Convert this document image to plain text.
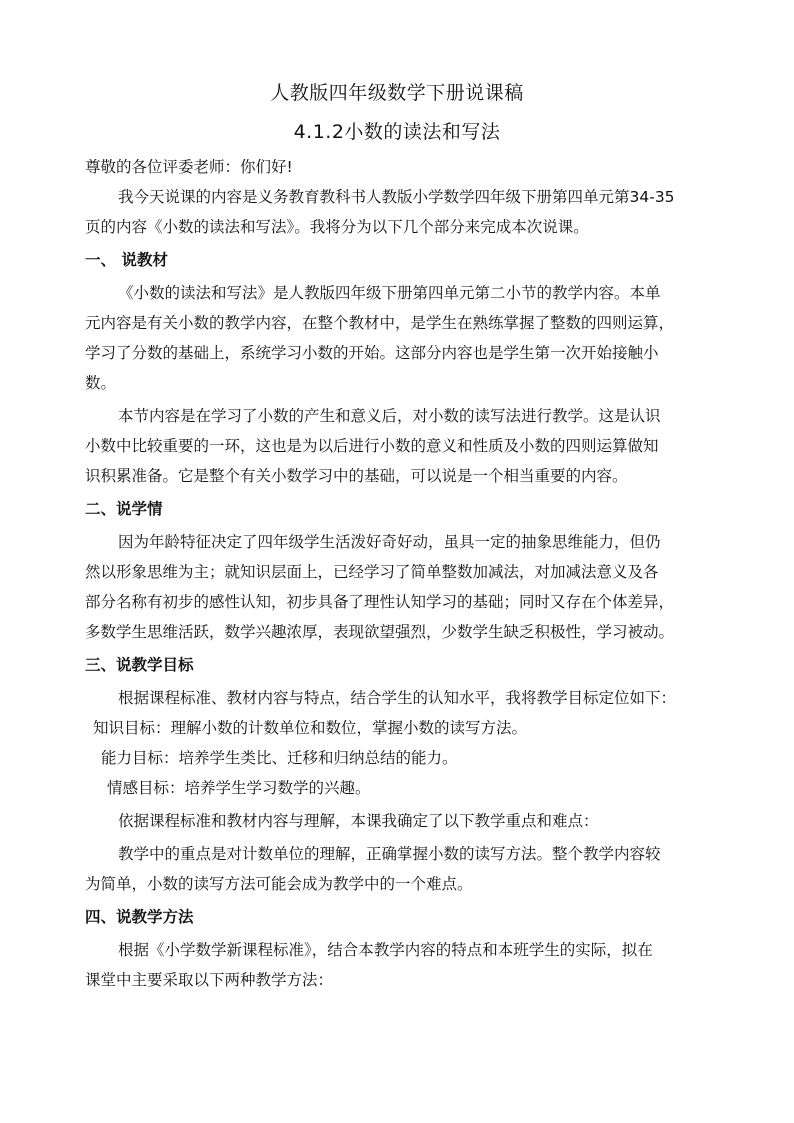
人教版四年级数学下册说课稿
4.1.2小数的读法和写法
尊敬的各位评委老师：你们好!
我今天说课的内容是义务教育教科书人教版小学数学四年级下册第四单元第34-35
页的内容《小数的读法和写法》。我将分为以下几个部分来完成本次说课。
一、 说教材
《小数的读法和写法》是人教版四年级下册第四单元第二小节的教学内容。本单
元内容是有关小数的教学内容，在整个教材中，是学生在熟练掌握了整数的四则运算，
学习了分数的基础上，系统学习小数的开始。这部分内容也是学生第一次开始接触小
数。
本节内容是在学习了小数的产生和意义后，对小数的读写法进行教学。这是认识
小数中比较重要的一环，这也是为以后进行小数的意义和性质及小数的四则运算做知
识积累准备。它是整个有关小数学习中的基础，可以说是一个相当重要的内容。
二、说学情
因为年龄特征决定了四年级学生活泼好奇好动，虽具一定的抽象思维能力，但仍
然以形象思维为主；就知识层面上，已经学习了简单整数加减法，对加减法意义及各
部分名称有初步的感性认知，初步具备了理性认知学习的基础；同时又存在个体差异，
多数学生思维活跃，数学兴趣浓厚，表现欲望强烈，少数学生缺乏积极性，学习被动。
三、说教学目标
根据课程标准、教材内容与特点，结合学生的认知水平，我将教学目标定位如下：
知识目标：理解小数的计数单位和数位，掌握小数的读写方法。
能力目标：培养学生类比、迁移和归纳总结的能力。
情感目标：培养学生学习数学的兴趣。
依据课程标准和教材内容与理解，本课我确定了以下教学重点和难点：
教学中的重点是对计数单位的理解，正确掌握小数的读写方法。整个教学内容较
为简单，小数的读写方法可能会成为教学中的一个难点。
四、说教学方法
根据《小学数学新课程标准》，结合本教学内容的特点和本班学生的实际，拟在
课堂中主要采取以下两种教学方法：
